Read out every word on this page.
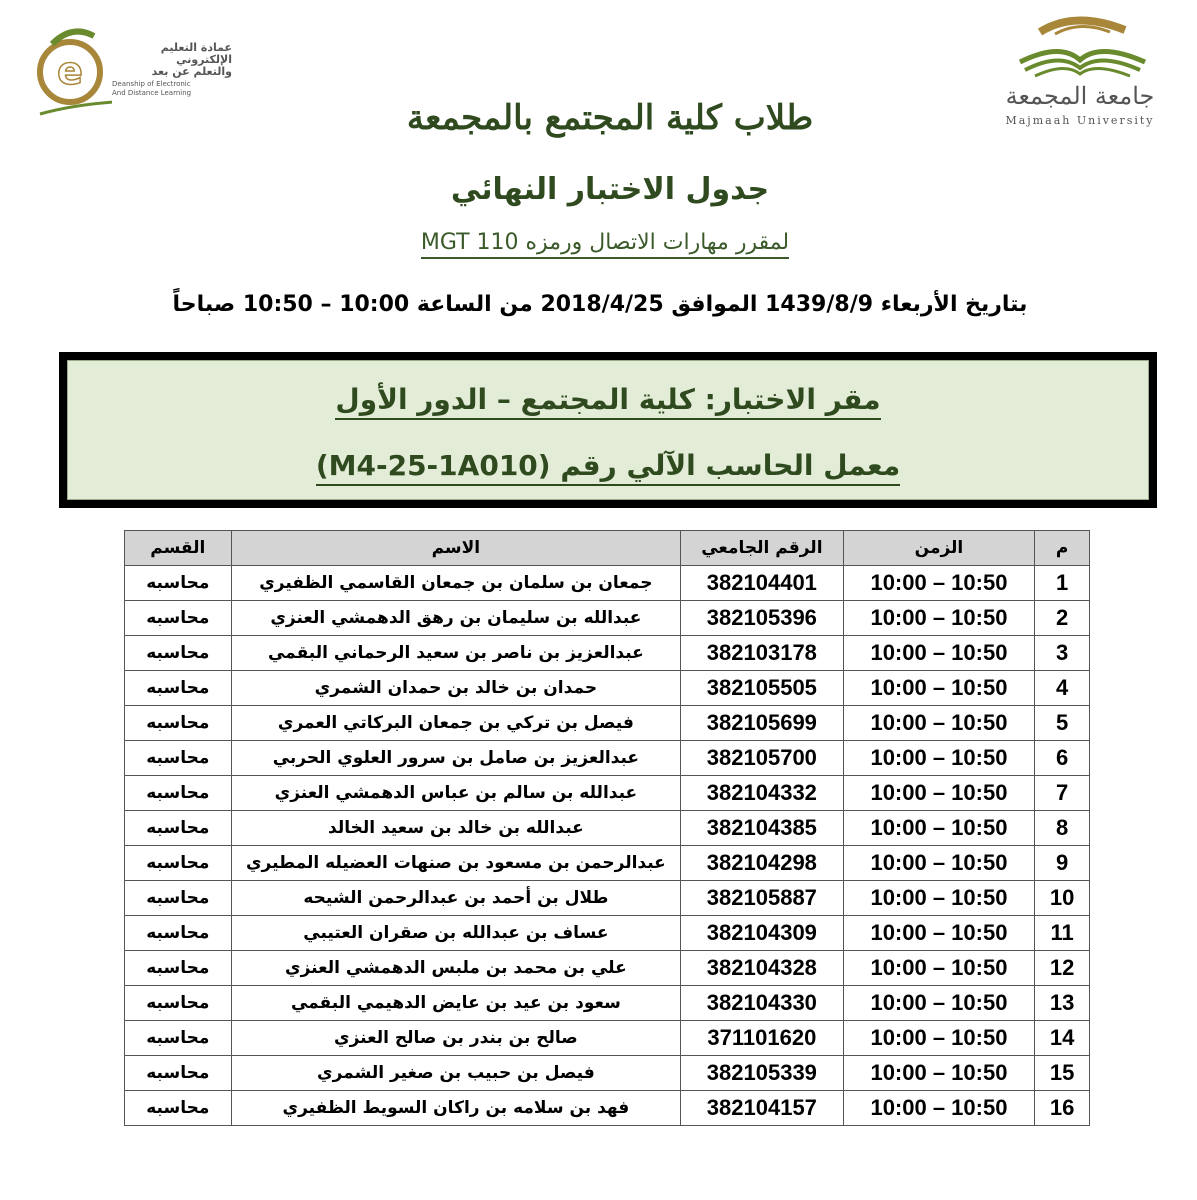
e
عمادة التعليم
الإلكتروني
والتعلم عن بعد
Deanship of Electronic
And Distance Learning	جامعة المجمعة
Majmaah University
طلاب كلية المجتمع بالمجمعة
جدول الاختبار النهائي
لمقرر مهارات الاتصال ورمزه MGT 110
بتاريخ الأربعاء 1439/8/9 الموافق 2018/4/25 من الساعة 10:00 – 10:50 صباحاً
مقر الاختبار: كلية المجتمع – الدور الأول
معمل الحاسب الآلي رقم (M4-25-1A010)
م	الزمن	الرقم الجامعي	الاسم	القسم
1	10:00 – 10:50	382104401	جمعان بن سلمان بن جمعان القاسمي الظفيري	محاسبه
2	10:00 – 10:50	382105396	عبدالله بن سليمان بن رهق الدهمشي العنزي	محاسبه
3	10:00 – 10:50	382103178	عبدالعزيز بن ناصر بن سعيد الرحماني البقمي	محاسبه
4	10:00 – 10:50	382105505	حمدان بن خالد بن حمدان الشمري	محاسبه
5	10:00 – 10:50	382105699	فيصل بن تركي بن جمعان البركاتي العمري	محاسبه
6	10:00 – 10:50	382105700	عبدالعزيز بن صامل بن سرور العلوي الحربي	محاسبه
7	10:00 – 10:50	382104332	عبدالله بن سالم بن عباس الدهمشي العنزي	محاسبه
8	10:00 – 10:50	382104385	عبدالله بن خالد بن سعيد الخالد	محاسبه
9	10:00 – 10:50	382104298	عبدالرحمن بن مسعود بن صنهات العضيله المطيري	محاسبه
10	10:00 – 10:50	382105887	طلال بن أحمد بن عبدالرحمن الشيحه	محاسبه
11	10:00 – 10:50	382104309	عساف بن عبدالله بن صقران العتيبي	محاسبه
12	10:00 – 10:50	382104328	علي بن محمد بن ملبس الدهمشي العنزي	محاسبه
13	10:00 – 10:50	382104330	سعود بن عيد بن عايض الدهيمي البقمي	محاسبه
14	10:00 – 10:50	371101620	صالح بن بندر بن صالح العنزي	محاسبه
15	10:00 – 10:50	382105339	فيصل بن حبيب بن صغير الشمري	محاسبه
16	10:00 – 10:50	382104157	فهد بن سلامه بن راكان السويط الظفيري	محاسبه
